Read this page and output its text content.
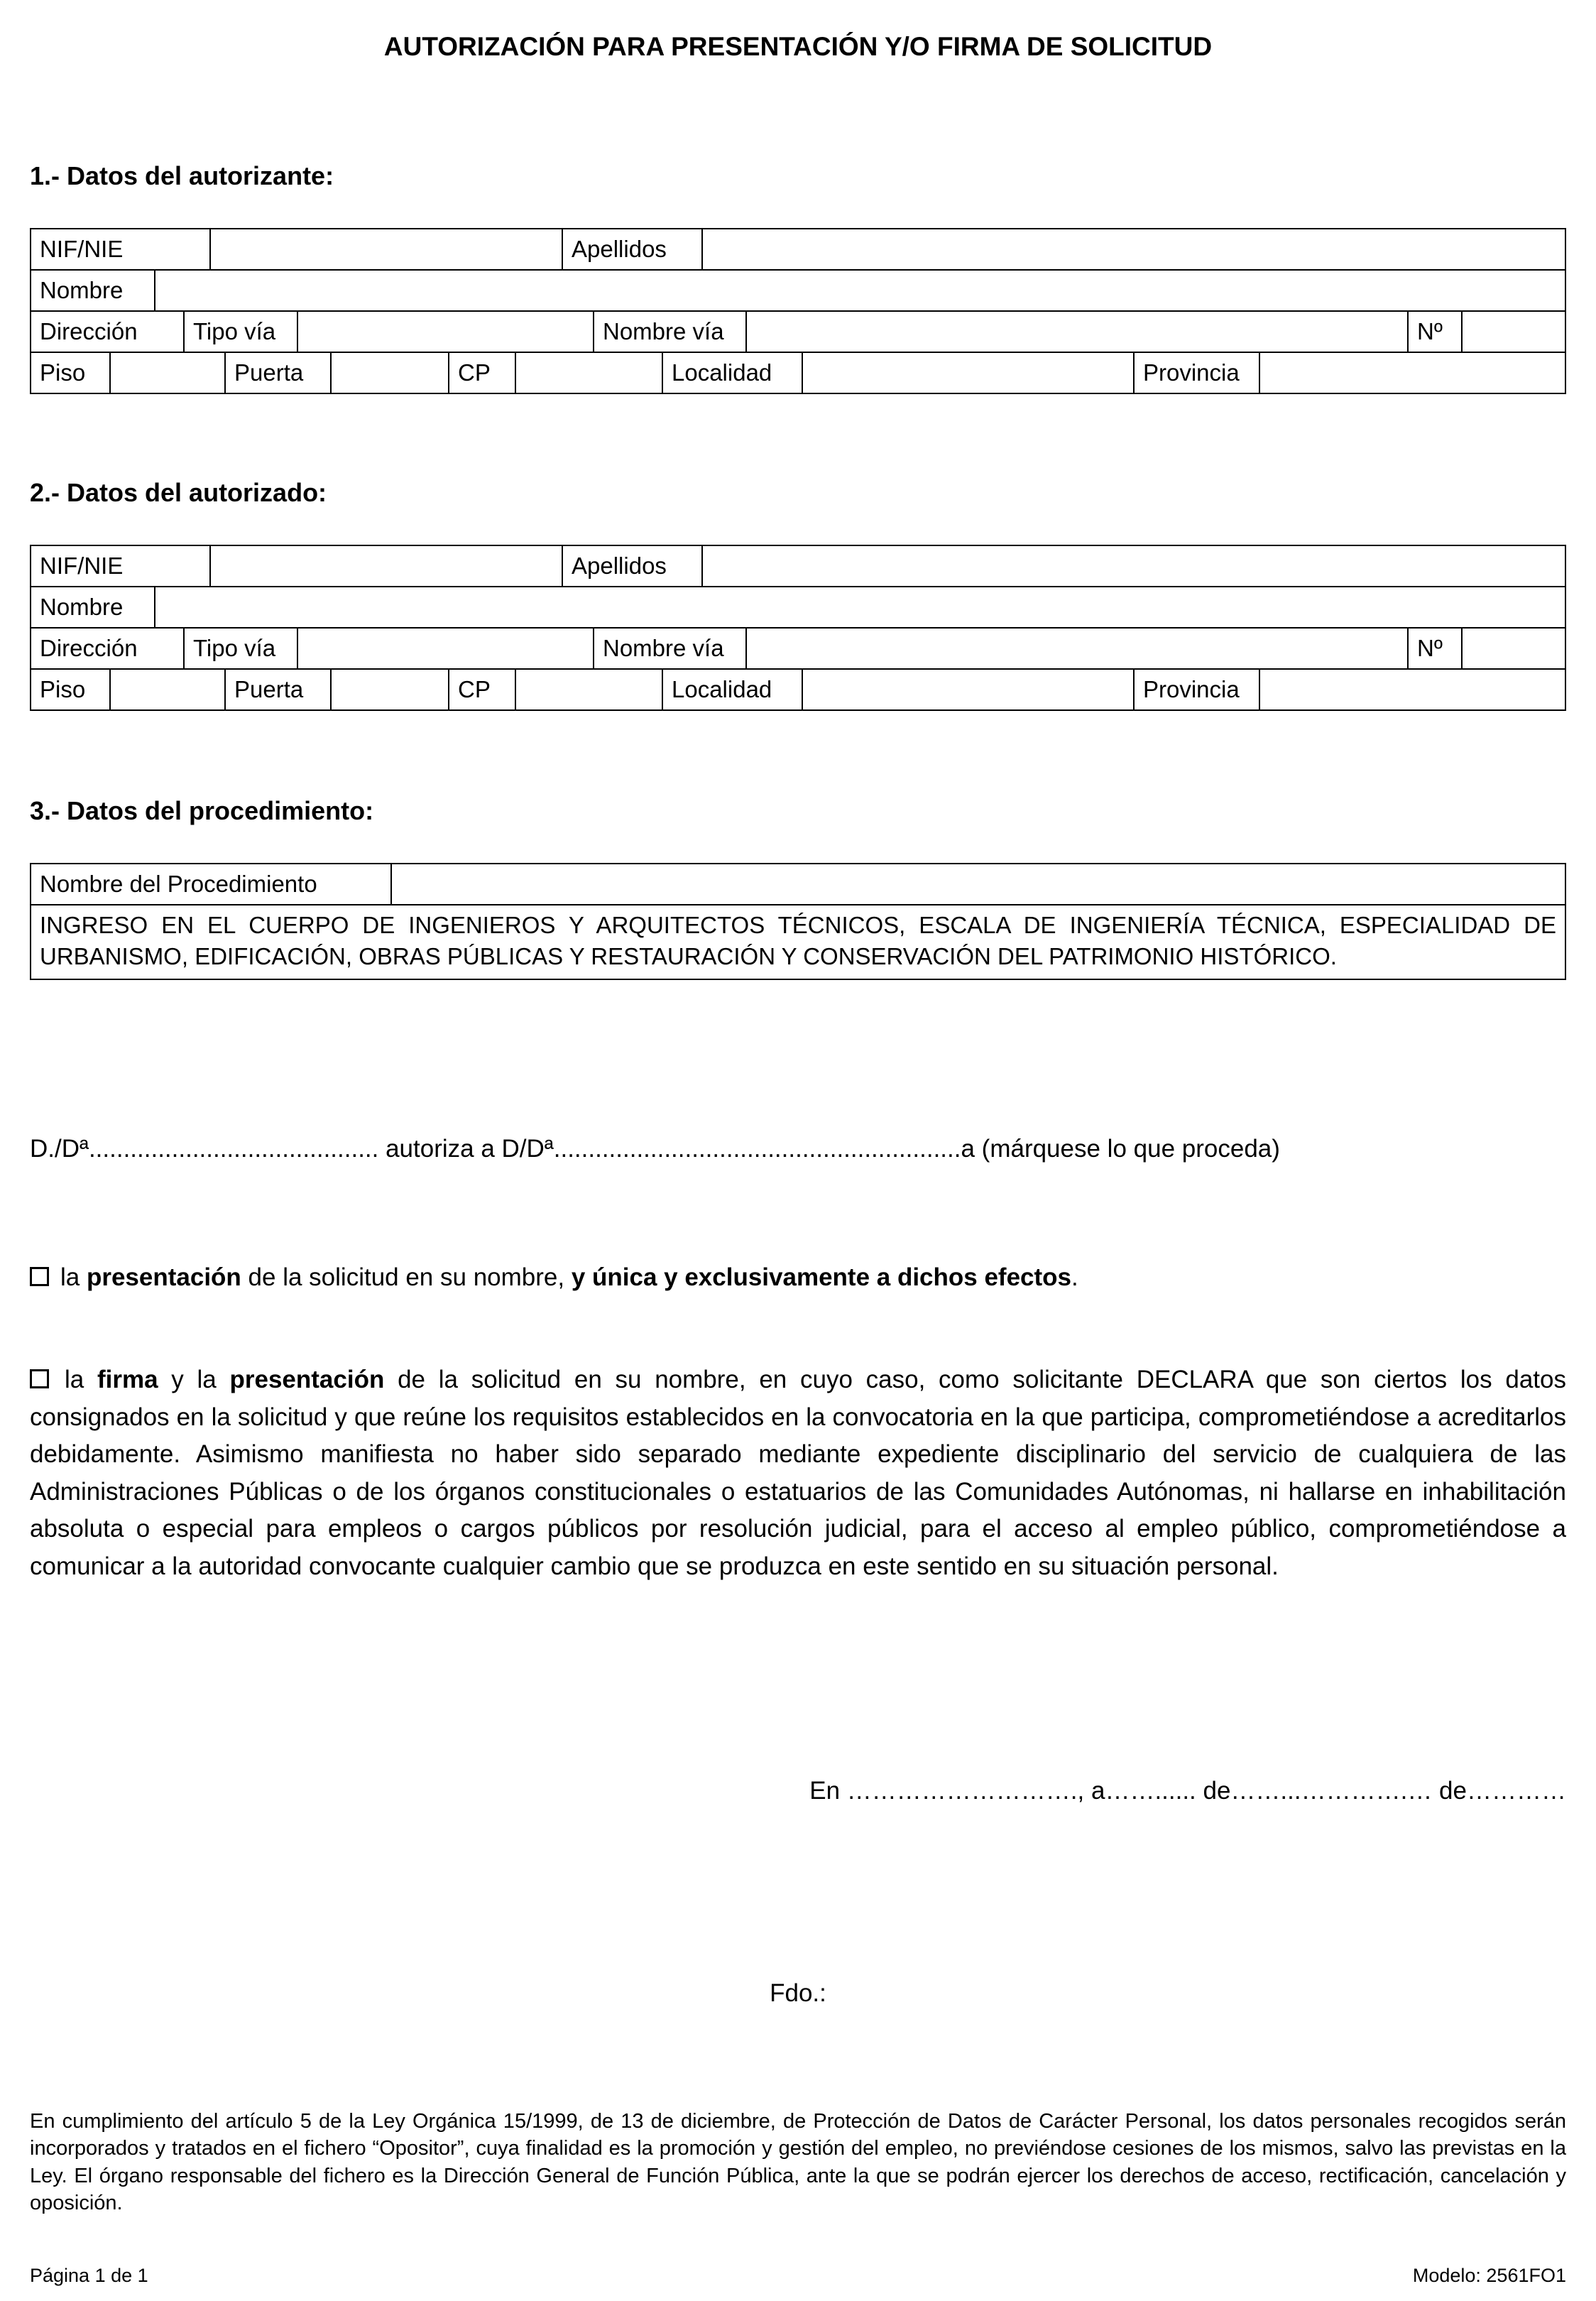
AUTORIZACIÓN PARA PRESENTACIÓN Y/O FIRMA DE SOLICITUD
1.- Datos del autorizante:
NIF/NIE	Apellidos
Nombre
Dirección	Tipo vía	Nombre vía	Nº
Piso	Puerta	CP	Localidad	Provincia
2.- Datos del autorizado:
NIF/NIE	Apellidos
Nombre
Dirección	Tipo vía	Nombre vía	Nº
Piso	Puerta	CP	Localidad	Provincia
3.- Datos del procedimiento:
Nombre del Procedimiento
INGRESO EN EL CUERPO DE INGENIEROS Y ARQUITECTOS TÉCNICOS, ESCALA DE INGENIERÍA TÉCNICA, ESPECIALIDAD DE URBANISMO, EDIFICACIÓN, OBRAS PÚBLICAS Y RESTAURACIÓN Y CONSERVACIÓN DEL PATRIMONIO HISTÓRICO.
D./Dª.......................................... autoriza a D/Dª...........................................................a (márquese lo que proceda)
la presentación de la solicitud en su nombre, y única y exclusivamente a dichos efectos.
la firma y la presentación de la solicitud en su nombre, en cuyo caso, como solicitante DECLARA que son ciertos los datos consignados en la solicitud y que reúne los requisitos establecidos en la convocatoria en la que participa, comprometiéndose a acreditarlos debidamente. Asimismo manifiesta no haber sido separado mediante expediente disciplinario del servicio de cualquiera de las Administraciones Públicas o de los órganos constitucionales o estatuarios de las Comunidades Autónomas, ni hallarse en inhabilitación absoluta o especial para empleos o cargos públicos por resolución judicial, para el acceso al empleo público, comprometiéndose a comunicar a la autoridad convocante cualquier cambio que se produzca en este sentido en su situación personal.
En ………………………., a……...... de……...………….… de…………
Fdo.:
En cumplimiento del artículo 5 de la Ley Orgánica 15/1999, de 13 de diciembre, de Protección de Datos de Carácter Personal, los datos personales recogidos serán incorporados y tratados en el fichero “Opositor”, cuya finalidad es la promoción y gestión del empleo, no previéndose cesiones de los mismos, salvo las previstas en la Ley. El órgano responsable del fichero es la Dirección General de Función Pública, ante la que se podrán ejercer los derechos de acceso, rectificación, cancelación y oposición.
Página 1 de 1	Modelo: 2561FO1
